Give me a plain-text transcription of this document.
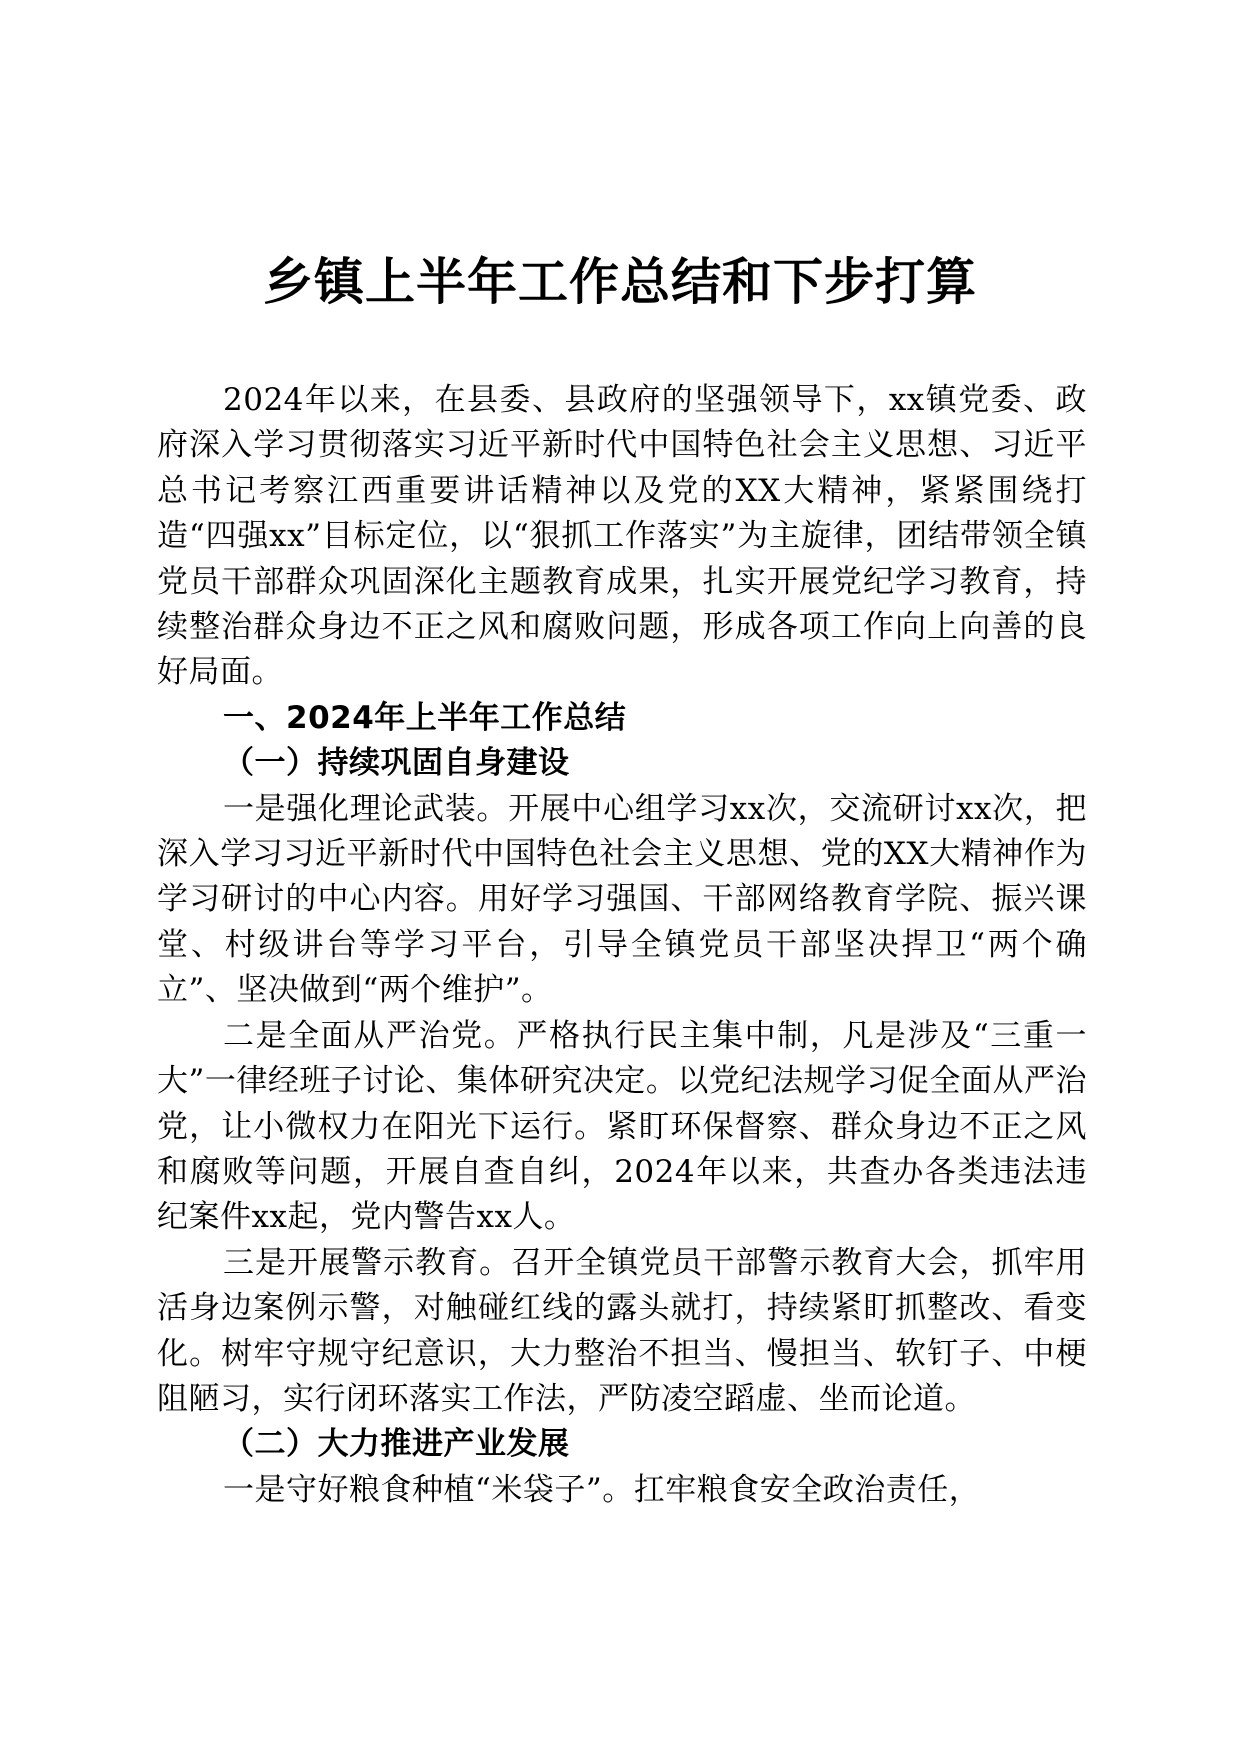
乡镇上半年工作总结和下步打算

2024年以来，在县委、县政府的坚强领导下，xx镇党委、政府深入学习贯彻落实习近平新时代中国特色社会主义思想、习近平总书记考察江西重要讲话精神以及党的XX大精神，紧紧围绕打造“四强xx”目标定位，以“狠抓工作落实”为主旋律，团结带领全镇党员干部群众巩固深化主题教育成果，扎实开展党纪学习教育，持续整治群众身边不正之风和腐败问题，形成各项工作向上向善的良好局面。

一、2024年上半年工作总结

（一）持续巩固自身建设

一是强化理论武装。开展中心组学习xx次，交流研讨xx次，把深入学习习近平新时代中国特色社会主义思想、党的XX大精神作为学习研讨的中心内容。用好学习强国、干部网络教育学院、振兴课堂、村级讲台等学习平台，引导全镇党员干部坚决捍卫“两个确立”、坚决做到“两个维护”。

二是全面从严治党。严格执行民主集中制，凡是涉及“三重一大”一律经班子讨论、集体研究决定。以党纪法规学习促全面从严治党，让小微权力在阳光下运行。紧盯环保督察、群众身边不正之风和腐败等问题，开展自查自纠，2024年以来，共查办各类违法违纪案件xx起，党内警告xx人。

三是开展警示教育。召开全镇党员干部警示教育大会，抓牢用活身边案例示警，对触碰红线的露头就打，持续紧盯抓整改、看变化。树牢守规守纪意识，大力整治不担当、慢担当、软钉子、中梗阻陋习，实行闭环落实工作法，严防凌空蹈虚、坐而论道。

（二）大力推进产业发展

一是守好粮食种植“米袋子”。扛牢粮食安全政治责任，
